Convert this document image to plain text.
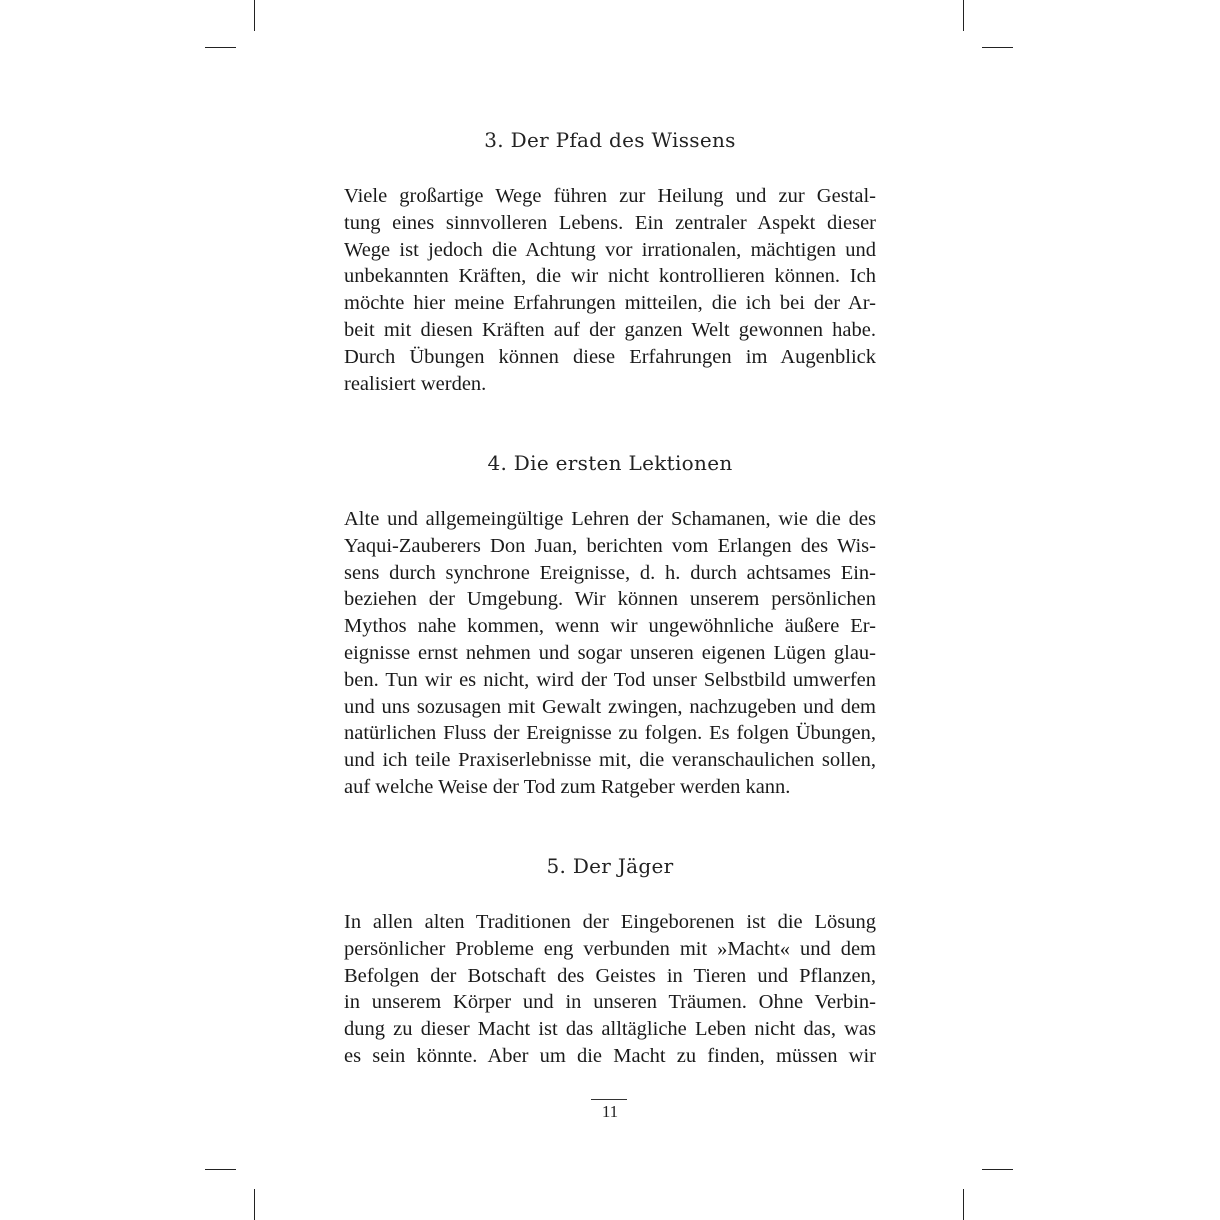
3. Der Pfad des Wissens
Viele großartige Wege führen zur Heilung und zur Gestal-
tung eines sinnvolleren Lebens. Ein zentraler Aspekt dieser
Wege ist jedoch die Achtung vor irrationalen, mächtigen und
unbekannten Kräften, die wir nicht kontrollieren können. Ich
möchte hier meine Erfahrungen mitteilen, die ich bei der Ar-
beit mit diesen Kräften auf der ganzen Welt gewonnen habe.
Durch Übungen können diese Erfahrungen im Augenblick
realisiert werden.
4. Die ersten Lektionen
Alte und allgemeingültige Lehren der Schamanen, wie die des
Yaqui-Zauberers Don Juan, berichten vom Erlangen des Wis-
sens durch synchrone Ereignisse, d. h. durch achtsames Ein-
beziehen der Umgebung. Wir können unserem persönlichen
Mythos nahe kommen, wenn wir ungewöhnliche äußere Er-
eignisse ernst nehmen und sogar unseren eigenen Lügen glau-
ben. Tun wir es nicht, wird der Tod unser Selbstbild umwerfen
und uns sozusagen mit Gewalt zwingen, nachzugeben und dem
natürlichen Fluss der Ereignisse zu folgen. Es folgen Übungen,
und ich teile Praxiserlebnisse mit, die veranschaulichen sollen,
auf welche Weise der Tod zum Ratgeber werden kann.
5. Der Jäger
In allen alten Traditionen der Eingeborenen ist die Lösung
persönlicher Probleme eng verbunden mit »Macht« und dem
Befolgen der Botschaft des Geistes in Tieren und Pflanzen,
in unserem Körper und in unseren Träumen. Ohne Verbin-
dung zu dieser Macht ist das alltägliche Leben nicht das, was
es sein könnte. Aber um die Macht zu finden, müssen wir
11
